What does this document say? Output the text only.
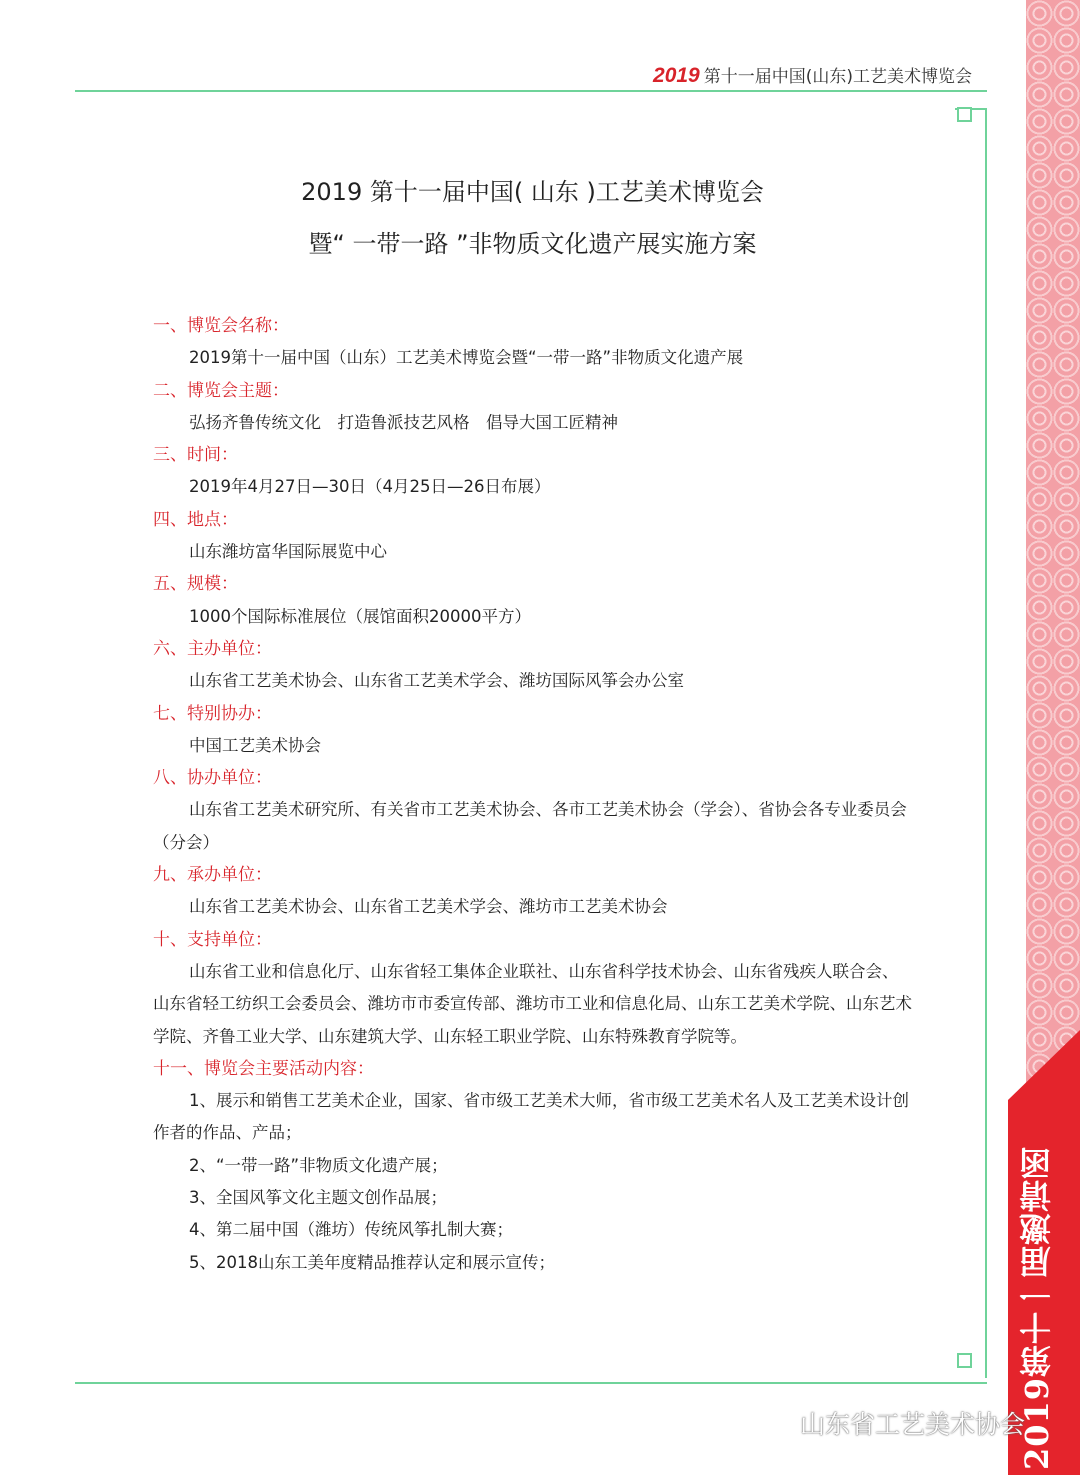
2019第十一届邀请函
2019 第十一届中国(山东)工艺美术博览会
2019 第十一届中国( 山东 )工艺美术博览会
暨“ 一带一路 ”非物质文化遗产展实施方案
一、博览会名称：
2019第十一届中国（山东）工艺美术博览会暨“一带一路”非物质文化遗产展
二、博览会主题：
弘扬齐鲁传统文化　打造鲁派技艺风格　倡导大国工匠精神
三、时间：
2019年4月27日—30日（4月25日—26日布展）
四、地点：
山东潍坊富华国际展览中心
五、规模：
1000个国际标准展位（展馆面积20000平方）
六、主办单位：
山东省工艺美术协会、山东省工艺美术学会、潍坊国际风筝会办公室
七、特别协办：
中国工艺美术协会
八、协办单位：
山东省工艺美术研究所、有关省市工艺美术协会、各市工艺美术协会（学会）、省协会各专业委员会（分会）
九、承办单位：
山东省工艺美术协会、山东省工艺美术学会、潍坊市工艺美术协会
十、支持单位：
山东省工业和信息化厅、山东省轻工集体企业联社、山东省科学技术协会、山东省残疾人联合会、山东省轻工纺织工会委员会、潍坊市市委宣传部、潍坊市工业和信息化局、山东工艺美术学院、山东艺术学院、齐鲁工业大学、山东建筑大学、山东轻工职业学院、山东特殊教育学院等。
十一、博览会主要活动内容：
1、展示和销售工艺美术企业，国家、省市级工艺美术大师，省市级工艺美术名人及工艺美术设计创作者的作品、产品；
2、“一带一路”非物质文化遗产展；
3、全国风筝文化主题文创作品展；
4、第二届中国（潍坊）传统风筝扎制大赛；
5、2018山东工美年度精品推荐认定和展示宣传；
山东省工艺美术协会
